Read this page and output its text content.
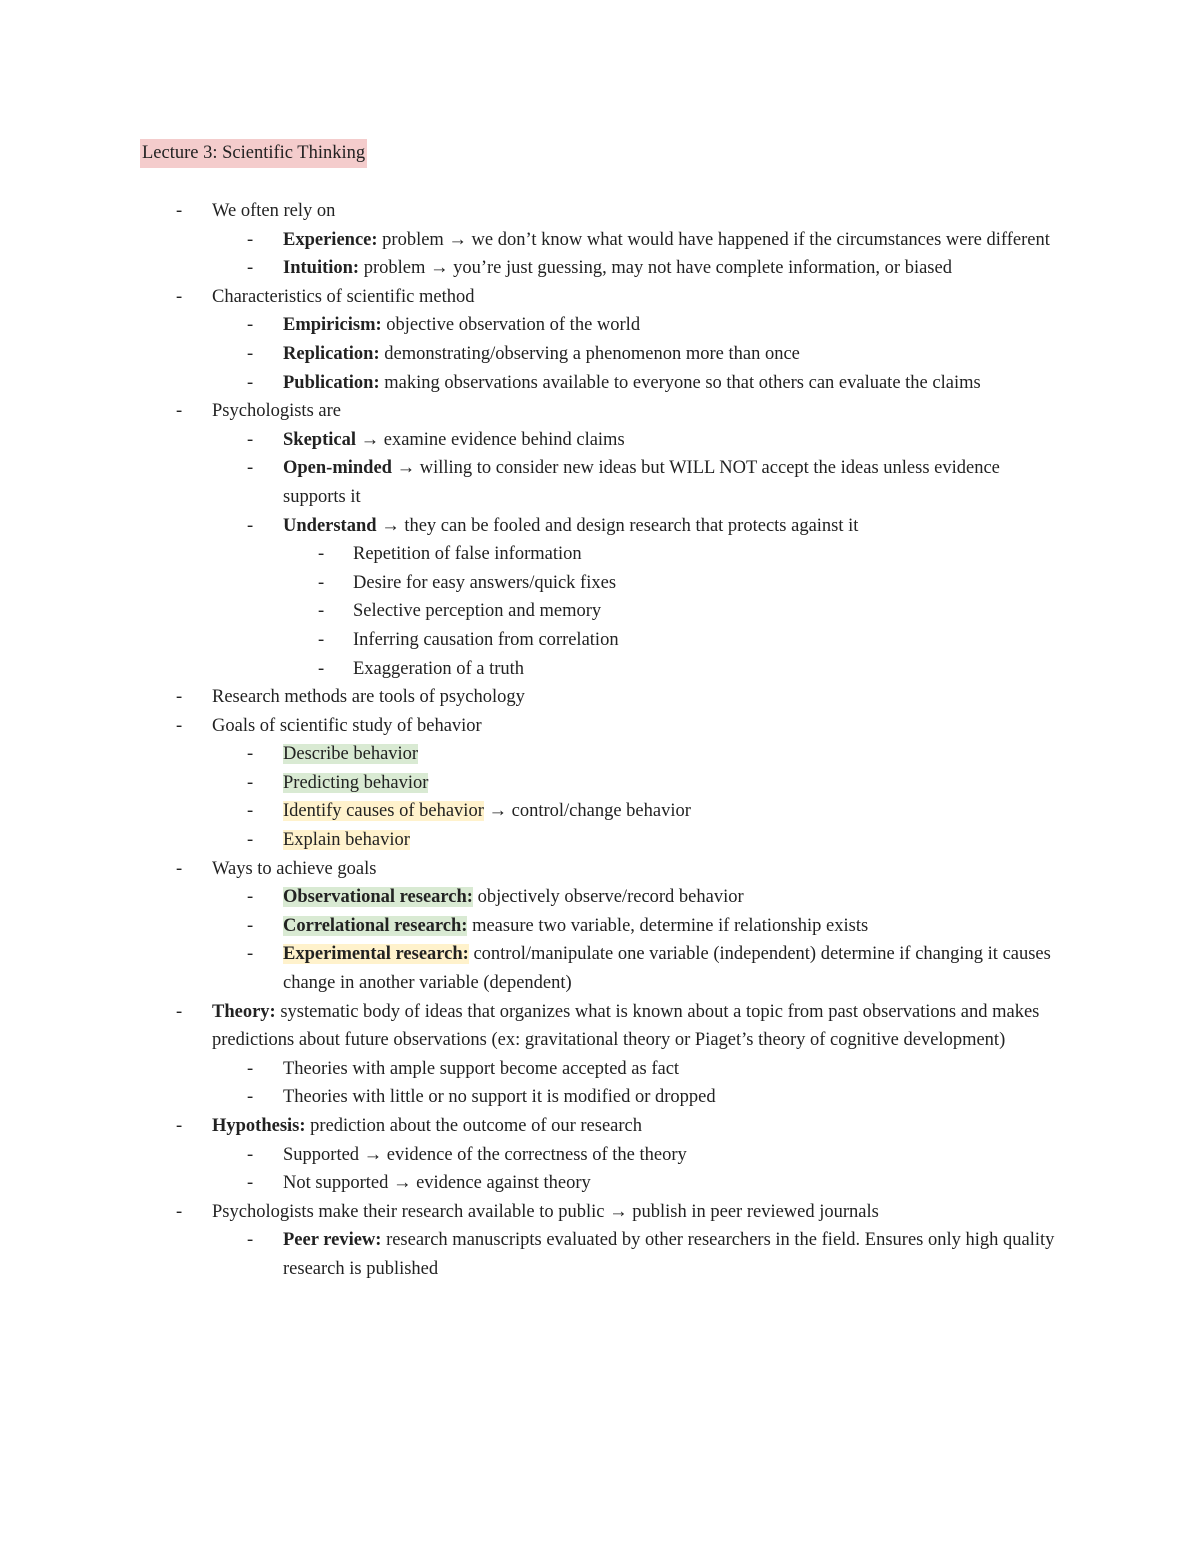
Lecture 3: Scientific Thinking
- We often rely on
- Experience: problem → we don’t know what would have happened if the circumstances were different
- Intuition: problem → you’re just guessing, may not have complete information, or biased
- Characteristics of scientific method
- Empiricism: objective observation of the world
- Replication: demonstrating/observing a phenomenon more than once
- Publication: making observations available to everyone so that others can evaluate the claims
- Psychologists are
- Skeptical → examine evidence behind claims
- Open-minded → willing to consider new ideas but WILL NOT accept the ideas unless evidence supports it
- Understand → they can be fooled and design research that protects against it
- Repetition of false information
- Desire for easy answers/quick fixes
- Selective perception and memory
- Inferring causation from correlation
- Exaggeration of a truth
- Research methods are tools of psychology
- Goals of scientific study of behavior
- Describe behavior
- Predicting behavior
- Identify causes of behavior → control/change behavior
- Explain behavior
- Ways to achieve goals
- Observational research: objectively observe/record behavior
- Correlational research: measure two variable, determine if relationship exists
- Experimental research: control/manipulate one variable (independent) determine if changing it causes change in another variable (dependent)
- Theory: systematic body of ideas that organizes what is known about a topic from past observations and makes predictions about future observations (ex: gravitational theory or Piaget’s theory of cognitive development)
- Theories with ample support become accepted as fact
- Theories with little or no support it is modified or dropped
- Hypothesis: prediction about the outcome of our research
- Supported → evidence of the correctness of the theory
- Not supported → evidence against theory
- Psychologists make their research available to public → publish in peer reviewed journals
- Peer review: research manuscripts evaluated by other researchers in the field. Ensures only high quality research is published
